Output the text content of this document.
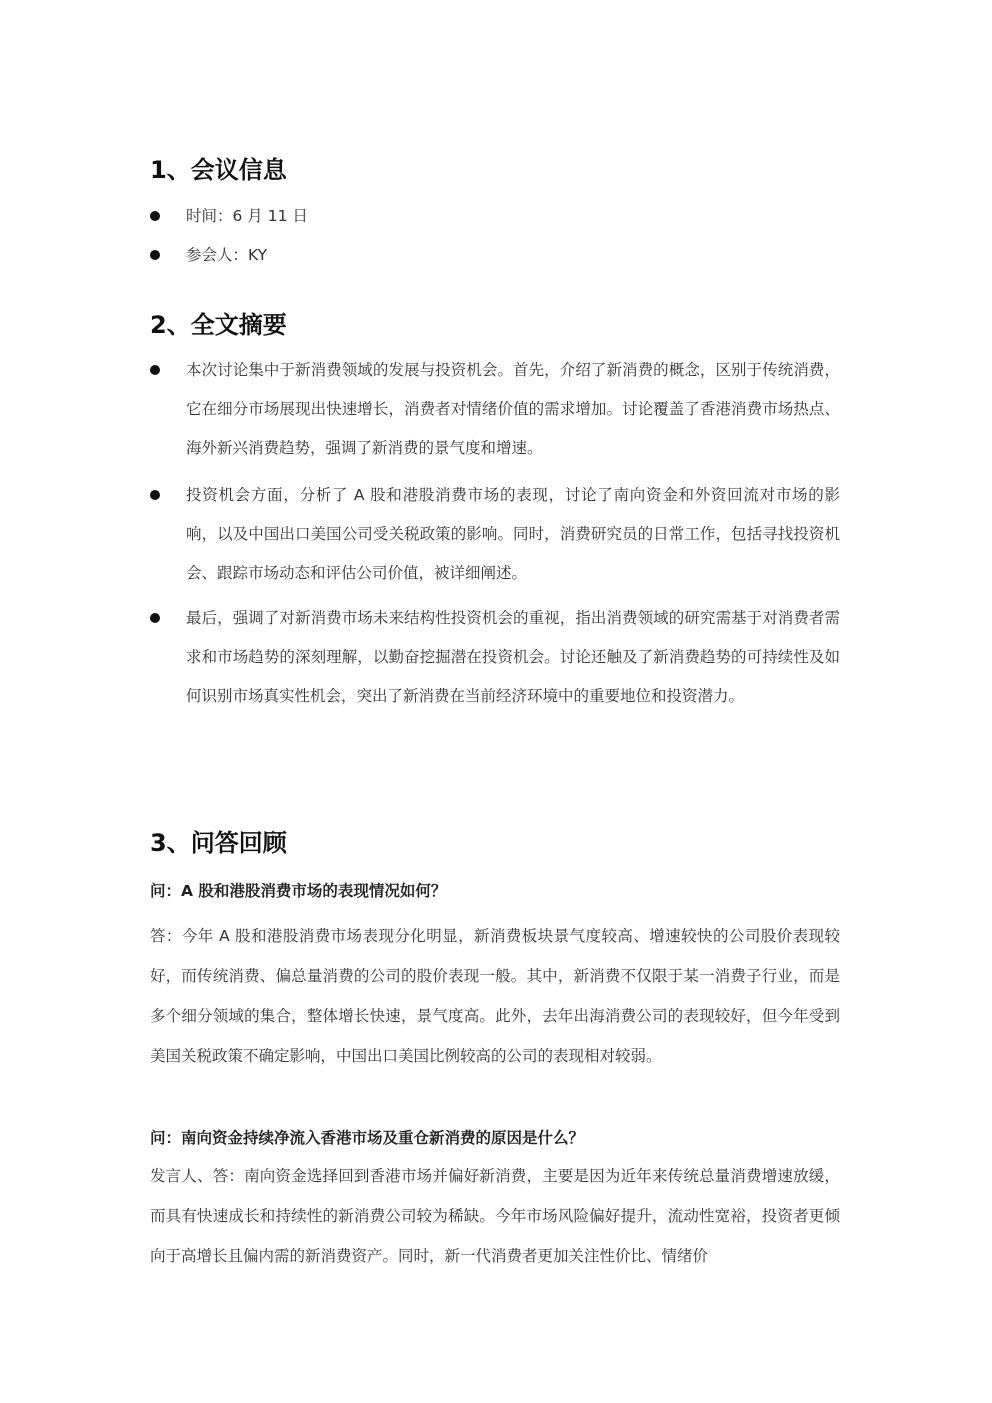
1、会议信息
时间：6 月 11 日
参会人：KY
2、全文摘要
本次讨论集中于新消费领域的发展与投资机会。首先，介绍了新消费的概念，区别于传统消费，它在细分市场展现出快速增长，消费者对情绪价值的需求增加。讨论覆盖了香港消费市场热点、海外新兴消费趋势，强调了新消费的景气度和增速。
投资机会方面，分析了 A 股和港股消费市场的表现，讨论了南向资金和外资回流对市场的影响，以及中国出口美国公司受关税政策的影响。同时，消费研究员的日常工作，包括寻找投资机会、跟踪市场动态和评估公司价值，被详细阐述。
最后，强调了对新消费市场未来结构性投资机会的重视，指出消费领域的研究需基于对消费者需求和市场趋势的深刻理解，以勤奋挖掘潜在投资机会。讨论还触及了新消费趋势的可持续性及如何识别市场真实性机会，突出了新消费在当前经济环境中的重要地位和投资潜力。
3、问答回顾
问：A 股和港股消费市场的表现情况如何？
答：今年 A 股和港股消费市场表现分化明显，新消费板块景气度较高、增速较快的公司股价表现较好，而传统消费、偏总量消费的公司的股价表现一般。其中，新消费不仅限于某一消费子行业，而是多个细分领域的集合，整体增长快速，景气度高。此外，去年出海消费公司的表现较好，但今年受到美国关税政策不确定影响，中国出口美国比例较高的公司的表现相对较弱。
问：南向资金持续净流入香港市场及重仓新消费的原因是什么？
发言人、答：南向资金选择回到香港市场并偏好新消费，主要是因为近年来传统总量消费增速放缓，而具有快速成长和持续性的新消费公司较为稀缺。今年市场风险偏好提升，流动性宽裕，投资者更倾向于高增长且偏内需的新消费资产。同时，新一代消费者更加关注性价比、情绪价
